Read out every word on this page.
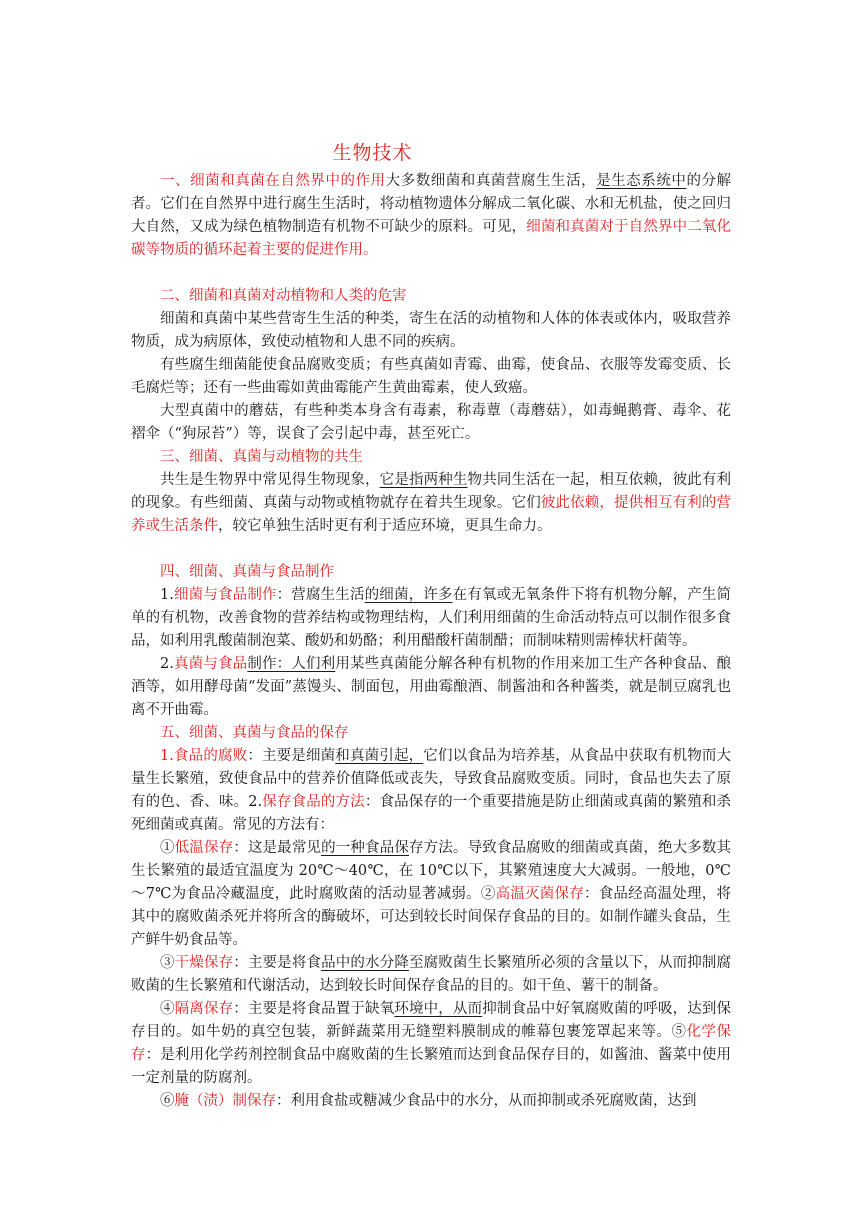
生物技术

一、细菌和真菌在自然界中的作用大多数细菌和真菌营腐生生活，是生态系统中的分解者。它们在自然界中进行腐生生活时，将动植物遗体分解成二氧化碳、水和无机盐，使之回归大自然，又成为绿色植物制造有机物不可缺少的原料。可见，细菌和真菌对于自然界中二氧化碳等物质的循环起着主要的促进作用。

二、细菌和真菌对动植物和人类的危害

细菌和真菌中某些营寄生生活的种类，寄生在活的动植物和人体的体表或体内，吸取营养物质，成为病原体，致使动植物和人患不同的疾病。

有些腐生细菌能使食品腐败变质；有些真菌如青霉、曲霉，使食品、衣服等发霉变质、长毛腐烂等；还有一些曲霉如黄曲霉能产生黄曲霉素，使人致癌。

大型真菌中的蘑菇，有些种类本身含有毒素，称毒蕈（毒蘑菇），如毒蝇鹅膏、毒伞、花褶伞（“狗尿苔”）等，误食了会引起中毒，甚至死亡。

三、细菌、真菌与动植物的共生

共生是生物界中常见得生物现象，它是指两种生物共同生活在一起，相互依赖，彼此有利的现象。有些细菌、真菌与动物或植物就存在着共生现象。它们彼此依赖，提供相互有利的营养或生活条件，较它单独生活时更有利于适应环境，更具生命力。

四、细菌、真菌与食品制作

1.细菌与食品制作：营腐生生活的细菌，许多在有氧或无氧条件下将有机物分解，产生简单的有机物，改善食物的营养结构或物理结构，人们利用细菌的生命活动特点可以制作很多食品，如利用乳酸菌制泡菜、酸奶和奶酪；利用醋酸杆菌制醋；而制味精则需棒状杆菌等。

2.真菌与食品制作：人们利用某些真菌能分解各种有机物的作用来加工生产各种食品、酿酒等，如用酵母菌“发面”蒸馒头、制面包，用曲霉酿酒、制酱油和各种酱类，就是制豆腐乳也离不开曲霉。

五、细菌、真菌与食品的保存

1.食品的腐败：主要是细菌和真菌引起，它们以食品为培养基，从食品中获取有机物而大量生长繁殖，致使食品中的营养价值降低或丧失，导致食品腐败变质。同时，食品也失去了原有的色、香、味。2.保存食品的方法：食品保存的一个重要措施是防止细菌或真菌的繁殖和杀死细菌或真菌。常见的方法有：

①低温保存：这是最常见的一种食品保存方法。导致食品腐败的细菌或真菌，绝大多数其生长繁殖的最适宜温度为 20℃～40℃，在 10℃以下，其繁殖速度大大减弱。一般地，0℃～7℃为食品冷藏温度，此时腐败菌的活动显著减弱。②高温灭菌保存：食品经高温处理，将其中的腐败菌杀死并将所含的酶破坏，可达到较长时间保存食品的目的。如制作罐头食品，生产鲜牛奶食品等。

③干燥保存：主要是将食品中的水分降至腐败菌生长繁殖所必须的含量以下，从而抑制腐败菌的生长繁殖和代谢活动，达到较长时间保存食品的目的。如干鱼、薯干的制备。

④隔离保存：主要是将食品置于缺氧环境中，从而抑制食品中好氧腐败菌的呼吸，达到保存目的。如牛奶的真空包装，新鲜蔬菜用无缝塑料膜制成的帷幕包裹笼罩起来等。⑤化学保存：是利用化学药剂控制食品中腐败菌的生长繁殖而达到食品保存目的，如酱油、酱菜中使用一定剂量的防腐剂。

⑥腌（渍）制保存：利用食盐或糖减少食品中的水分，从而抑制或杀死腐败菌，达到
